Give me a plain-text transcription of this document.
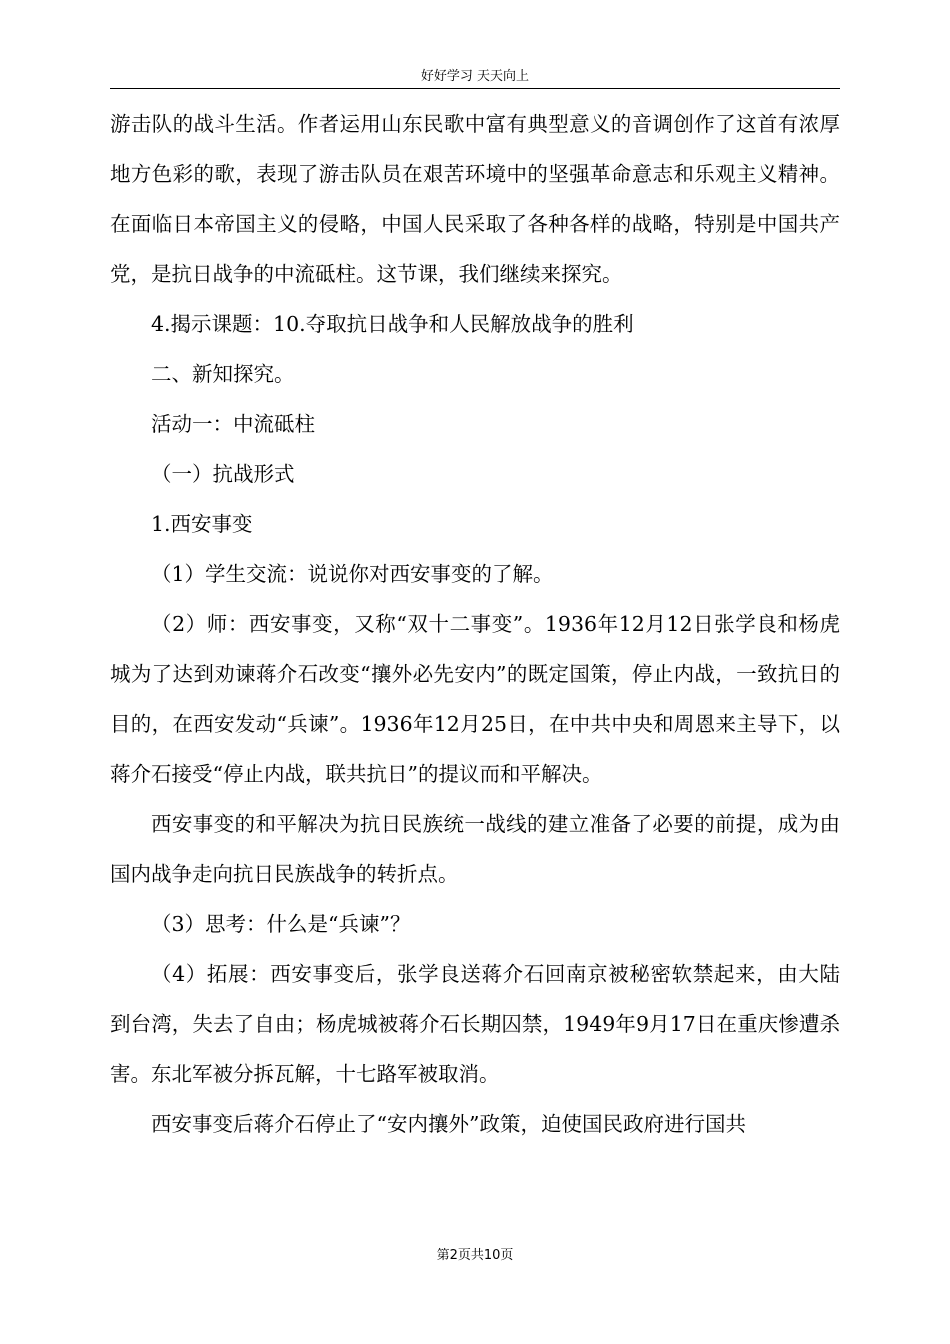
好好学习 天天向上

游击队的战斗生活。作者运用山东民歌中富有典型意义的音调创作了这首有浓厚地方色彩的歌，表现了游击队员在艰苦环境中的坚强革命意志和乐观主义精神。在面临日本帝国主义的侵略，中国人民采取了各种各样的战略，特别是中国共产党，是抗日战争的中流砥柱。这节课，我们继续来探究。

4.揭示课题：10.夺取抗日战争和人民解放战争的胜利

二、新知探究。

活动一：中流砥柱

（一）抗战形式

1.西安事变

（1）学生交流：说说你对西安事变的了解。

（2）师：西安事变，又称“双十二事变”。1936年12月12日张学良和杨虎城为了达到劝谏蒋介石改变“攘外必先安内”的既定国策，停止内战，一致抗日的目的，在西安发动“兵谏”。1936年12月25日，在中共中央和周恩来主导下，以蒋介石接受“停止内战，联共抗日”的提议而和平解决。

西安事变的和平解决为抗日民族统一战线的建立准备了必要的前提，成为由国内战争走向抗日民族战争的转折点。

（3）思考：什么是“兵谏”？

（4）拓展：西安事变后，张学良送蒋介石回南京被秘密软禁起来，由大陆到台湾，失去了自由；杨虎城被蒋介石长期囚禁，1949年9月17日在重庆惨遭杀害。东北军被分拆瓦解，十七路军被取消。

西安事变后蒋介石停止了“安内攘外”政策，迫使国民政府进行国共

第2页共10页
